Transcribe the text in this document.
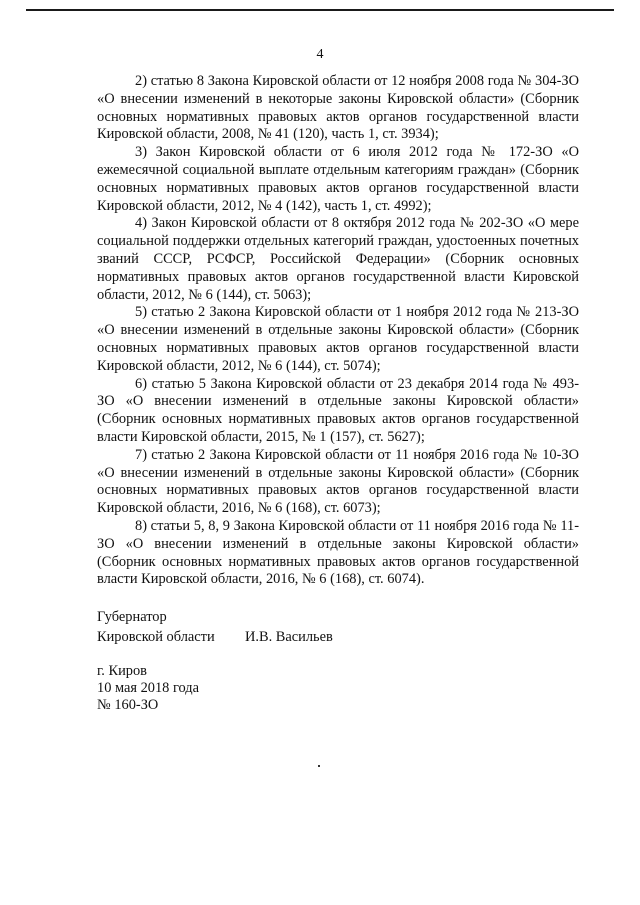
4

2) статью 8 Закона Кировской области от 12 ноября 2008 года № 304-ЗО «О внесении изменений в некоторые законы Кировской области» (Сборник основных нормативных правовых актов органов государственной власти Кировской области, 2008, № 41 (120), часть 1, ст. 3934);

3) Закон Кировской области от 6 июля 2012 года № 172-ЗО «О ежемесячной социальной выплате отдельным категориям граждан» (Сборник основных нормативных правовых актов органов государственной власти Кировской области, 2012, № 4 (142), часть 1, ст. 4992);

4) Закон Кировской области от 8 октября 2012 года № 202-ЗО «О мере социальной поддержки отдельных категорий граждан, удостоенных почетных званий СССР, РСФСР, Российской Федерации» (Сборник основных нормативных правовых актов органов государственной власти Кировской области, 2012, № 6 (144), ст. 5063);

5) статью 2 Закона Кировской области от 1 ноября 2012 года № 213-ЗО «О внесении изменений в отдельные законы Кировской области» (Сборник основных нормативных правовых актов органов государственной власти Кировской области, 2012, № 6 (144), ст. 5074);

6) статью 5 Закона Кировской области от 23 декабря 2014 года № 493-ЗО «О внесении изменений в отдельные законы Кировской области» (Сборник основных нормативных правовых актов органов государственной власти Кировской области, 2015, № 1 (157), ст. 5627);

7) статью 2 Закона Кировской области от 11 ноября 2016 года № 10-ЗО «О внесении изменений в отдельные законы Кировской области» (Сборник основных нормативных правовых актов органов государственной власти Кировской области, 2016, № 6 (168), ст. 6073);

8) статьи 5, 8, 9 Закона Кировской области от 11 ноября 2016 года № 11-ЗО «О внесении изменений в отдельные законы Кировской области» (Сборник основных нормативных правовых актов органов государственной власти Кировской области, 2016, № 6 (168), ст. 6074).

Губернатор
Кировской области	И.В. Васильев
г. Киров
10 мая 2018 года
№ 160-ЗО
